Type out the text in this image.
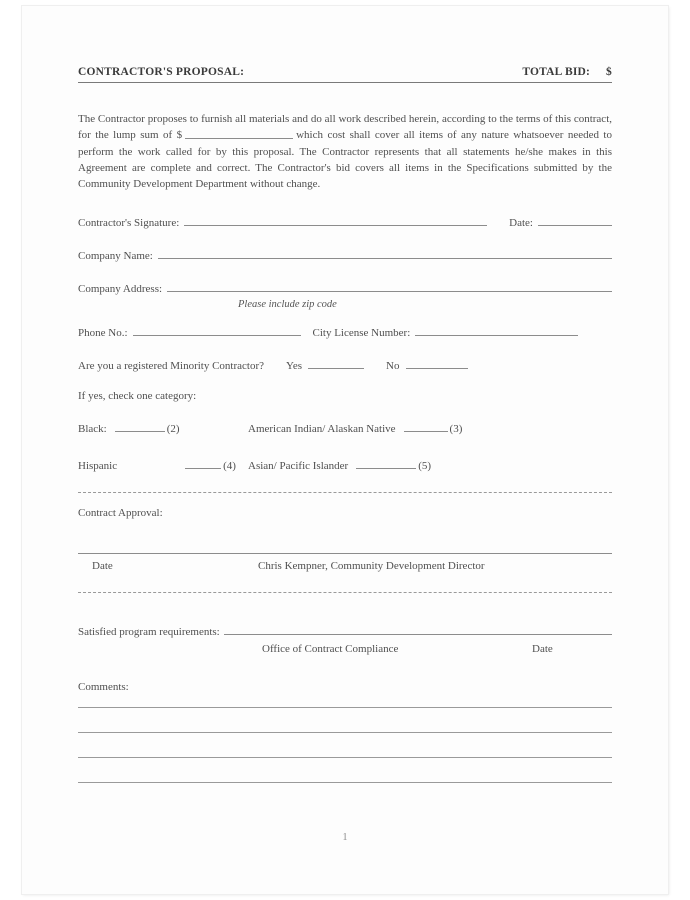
CONTRACTOR'S PROPOSAL:	TOTAL BID:	$
The Contractor proposes to furnish all materials and do all work described herein, according to the terms of this contract, for the lump sum of $	which cost shall cover all items of any nature whatsoever needed to perform the work called for by this proposal. The Contractor represents that all statements he/she makes in this Agreement are complete and correct. The Contractor's bid covers all items in the Specifications submitted by the Community Development Department without change.
Contractor's Signature:	Date:
Company Name:
Company Address:
Please include zip code
Phone No.:	City License Number:
Are you a registered Minority Contractor? Yes	No
If yes, check one category:
Black:	(2)	American Indian/ Alaskan Native	(3)
Hispanic	(4) Asian/ Pacific Islander	(5)
Contract Approval:
Date	Chris Kempner, Community Development Director
Satisfied program requirements:
Office of Contract Compliance	Date
Comments:
1
